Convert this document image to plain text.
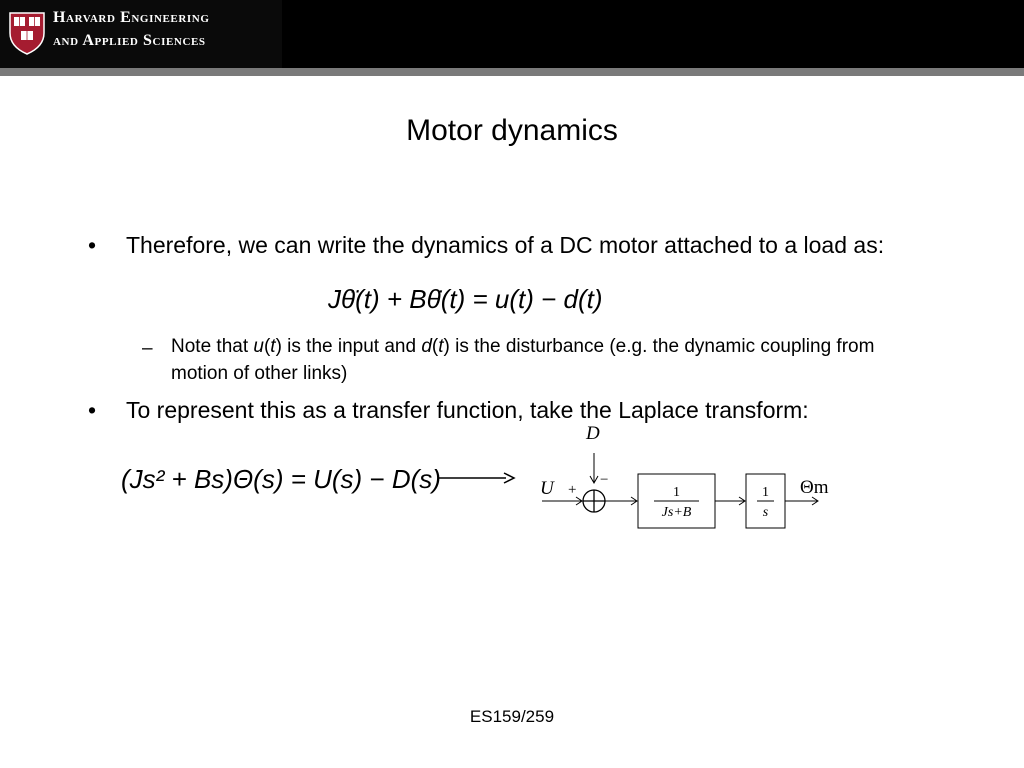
Harvard Engineering
and Applied Sciences
Motor dynamics
• Therefore, we can write the dynamics of a DC motor attached to a load as:
Jθ̈(t) + Bθ̇(t) = u(t) − d(t)
– Note that u(t) is the input and d(t) is the disturbance (e.g. the dynamic coupling from motion of other links)
• To represent this as a transfer function, take the Laplace transform:
(Js² + Bs)Θ(s) = U(s) − D(s)
D
−
U +	1
Js+B
1
s
Θm
ES159/259
